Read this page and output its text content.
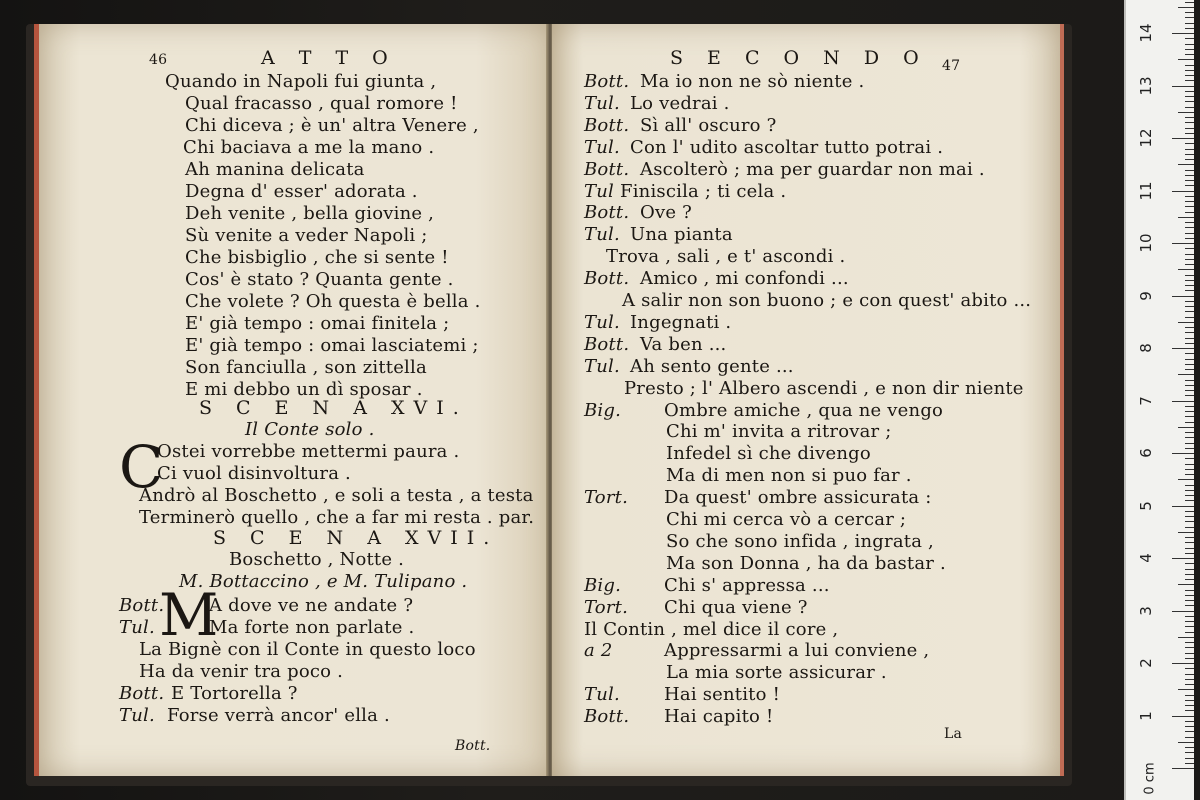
46	A T T O
Quando in Napoli fui giunta ,
Qual fracasso , qual romore !
Chi diceva ; è un' altra Venere ,
Chi baciava a me la mano .
Ah manina delicata
Degna d' esser' adorata .
Deh venite , bella giovine ,
Sù venite a veder Napoli ;
Che bisbiglio , che si sente !
Cos' è stato ? Quanta gente .
Che volete ? Oh questa è bella .
E' già tempo : omai finitela ;
E' già tempo : omai lasciatemi ;
Son fanciulla , son zittella
E mi debbo un dì sposar .
S C E N A XVI.
Il Conte solo .
C
Ostei vorrebbe mettermi paura .
Ci vuol disinvoltura .
Andrò al Boschetto , e soli a testa , a testa
Terminerò quello , che a far mi resta . par.
S C E N A XVII.
Boschetto , Notte .
M. Bottaccino , e M. Tulipano .
Bott.
M
A dove ve ne andate ?
Tul.	Ma forte non parlate .
La Bignè con il Conte in questo loco
Ha da venir tra poco .
Bott. E Tortorella ?
Tul. Forse verrà ancor' ella .
Bott.
S E C O N D O 47
Bott. Ma io non ne sò niente .
Tul. Lo vedrai .
Bott. Sì all' oscuro ?
Tul. Con l' udito ascoltar tutto potrai .
Bott. Ascolterò ; ma per guardar non mai .
Tul Finiscila ; ti cela .
Bott. Ove ?
Tul. Una pianta
Trova , sali , e t' ascondi .
Bott. Amico , mi confondi ...
A salir non son buono ; e con quest' abito ...
Tul. Ingegnati .
Bott. Va ben ...
Tul. Ah sento gente ...
Presto ; l' Albero ascendi , e non dir niente
Big. Ombre amiche , qua ne vengo
Chi m' invita a ritrovar ;
Infedel sì che divengo
Ma di men non si puo far .
Tort. Da quest' ombre assicurata :
Chi mi cerca vò a cercar ;
So che sono infida , ingrata ,
Ma son Donna , ha da bastar .
Big. Chi s' appressa ...
Tort. Chi qua viene ?
Il Contin , mel dice il core ,
a 2	Appressarmi a lui conviene ,
La mia sorte assicurar .
Tul. Hai sentito !
Bott. Hai capito !
La
14
13
12
11
10
9
8
7
6
5
4
3
2
1
0 cm
